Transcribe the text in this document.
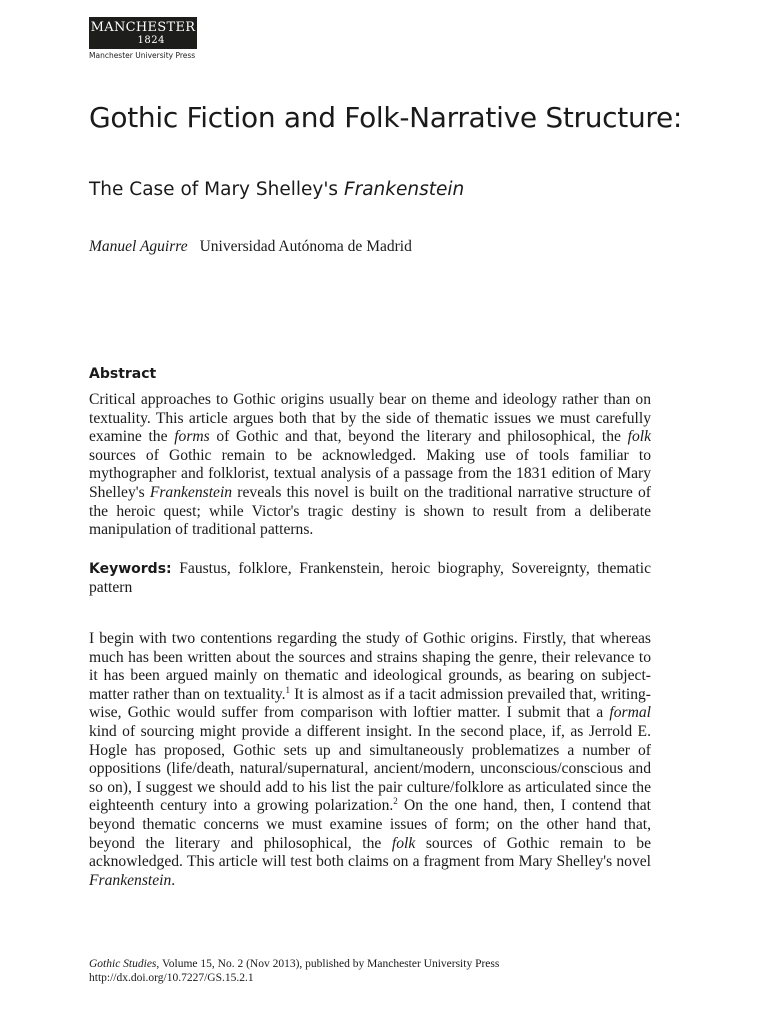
MANCHESTER
1824
Manchester University Press
Gothic Fiction and Folk-Narrative Structure:

The Case of Mary Shelley's Frankenstein

Manuel Aguirre Universidad Autónoma de Madrid
Abstract

Critical approaches to Gothic origins usually bear on theme and ideology rather than on textuality. This article argues both that by the side of thematic issues we must carefully examine the forms of Gothic and that, beyond the literary and philosophical, the folk sources of Gothic remain to be acknowledged. Making use of tools familiar to mythographer and folklorist, textual analysis of a passage from the 1831 edition of Mary Shelley's Frankenstein reveals this novel is built on the traditional narrative structure of the heroic quest; while Victor's tragic destiny is shown to result from a deliberate manipulation of traditional patterns.

Keywords: Faustus, folklore, Frankenstein, heroic biography, Sovereignty, thematic pattern

I begin with two contentions regarding the study of Gothic origins. Firstly, that whereas much has been written about the sources and strains shaping the genre, their relevance to it has been argued mainly on thematic and ideological grounds, as bearing on subject-matter rather than on textuality.$^1$ It is almost as if a tacit admission prevailed that, writing-wise, Gothic would suffer from comparison with loftier matter. I submit that a formal kind of sourcing might provide a different insight. In the second place, if, as Jerrold E. Hogle has proposed, Gothic sets up and simultaneously problematizes a number of oppositions (life/death, natural/supernatural, ancient/modern, unconscious/conscious and so on), I suggest we should add to his list the pair culture/folklore as articulated since the eighteenth century into a growing polarization.$^2$ On the one hand, then, I contend that beyond thematic concerns we must examine issues of form; on the other hand that, beyond the literary and philosophical, the folk sources of Gothic remain to be acknowledged. This article will test both claims on a fragment from Mary Shelley's novel Frankenstein.

Gothic Studies, Volume 15, No. 2 (Nov 2013), published by Manchester University Press
http://dx.doi.org/10.7227/GS.15.2.1
